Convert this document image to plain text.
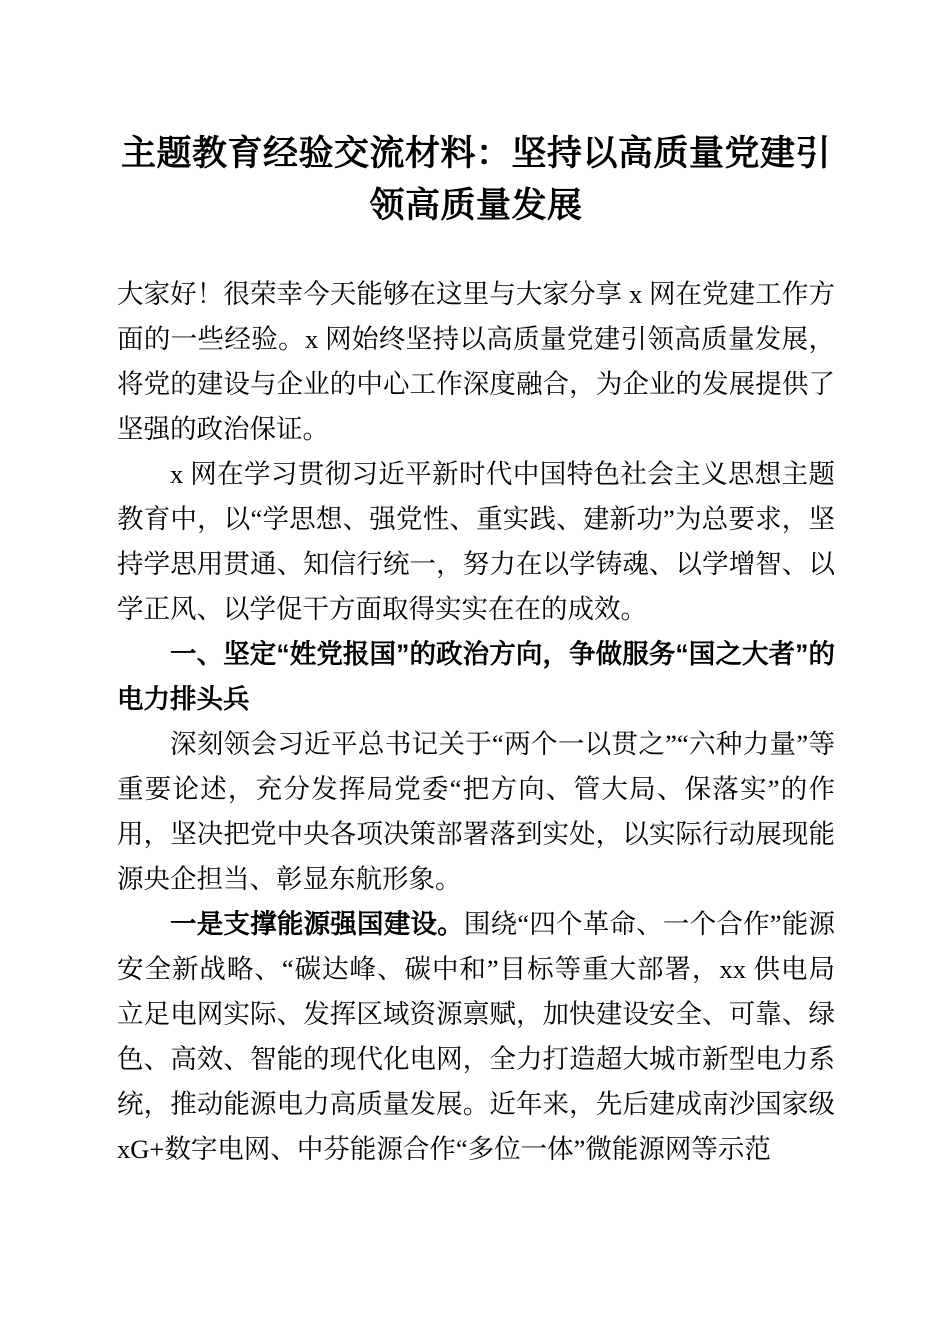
主题教育经验交流材料：坚持以高质量党建引领高质量发展

大家好！很荣幸今天能够在这里与大家分享 x 网在党建工作方面的一些经验。x 网始终坚持以高质量党建引领高质量发展，将党的建设与企业的中心工作深度融合，为企业的发展提供了坚强的政治保证。

x 网在学习贯彻习近平新时代中国特色社会主义思想主题教育中，以“学思想、强党性、重实践、建新功”为总要求，坚持学思用贯通、知信行统一，努力在以学铸魂、以学增智、以学正风、以学促干方面取得实实在在的成效。

一、坚定“姓党报国”的政治方向，争做服务“国之大者”的电力排头兵

深刻领会习近平总书记关于“两个一以贯之”“六种力量”等重要论述，充分发挥局党委“把方向、管大局、保落实”的作用，坚决把党中央各项决策部署落到实处，以实际行动展现能源央企担当、彰显东航形象。

一是支撑能源强国建设。围绕“四个革命、一个合作”能源安全新战略、“碳达峰、碳中和”目标等重大部署，xx 供电局立足电网实际、发挥区域资源禀赋，加快建设安全、可靠、绿色、高效、智能的现代化电网，全力打造超大城市新型电力系统，推动能源电力高质量发展。近年来，先后建成南沙国家级 xG+数字电网、中芬能源合作“多位一体”微能源网等示范
